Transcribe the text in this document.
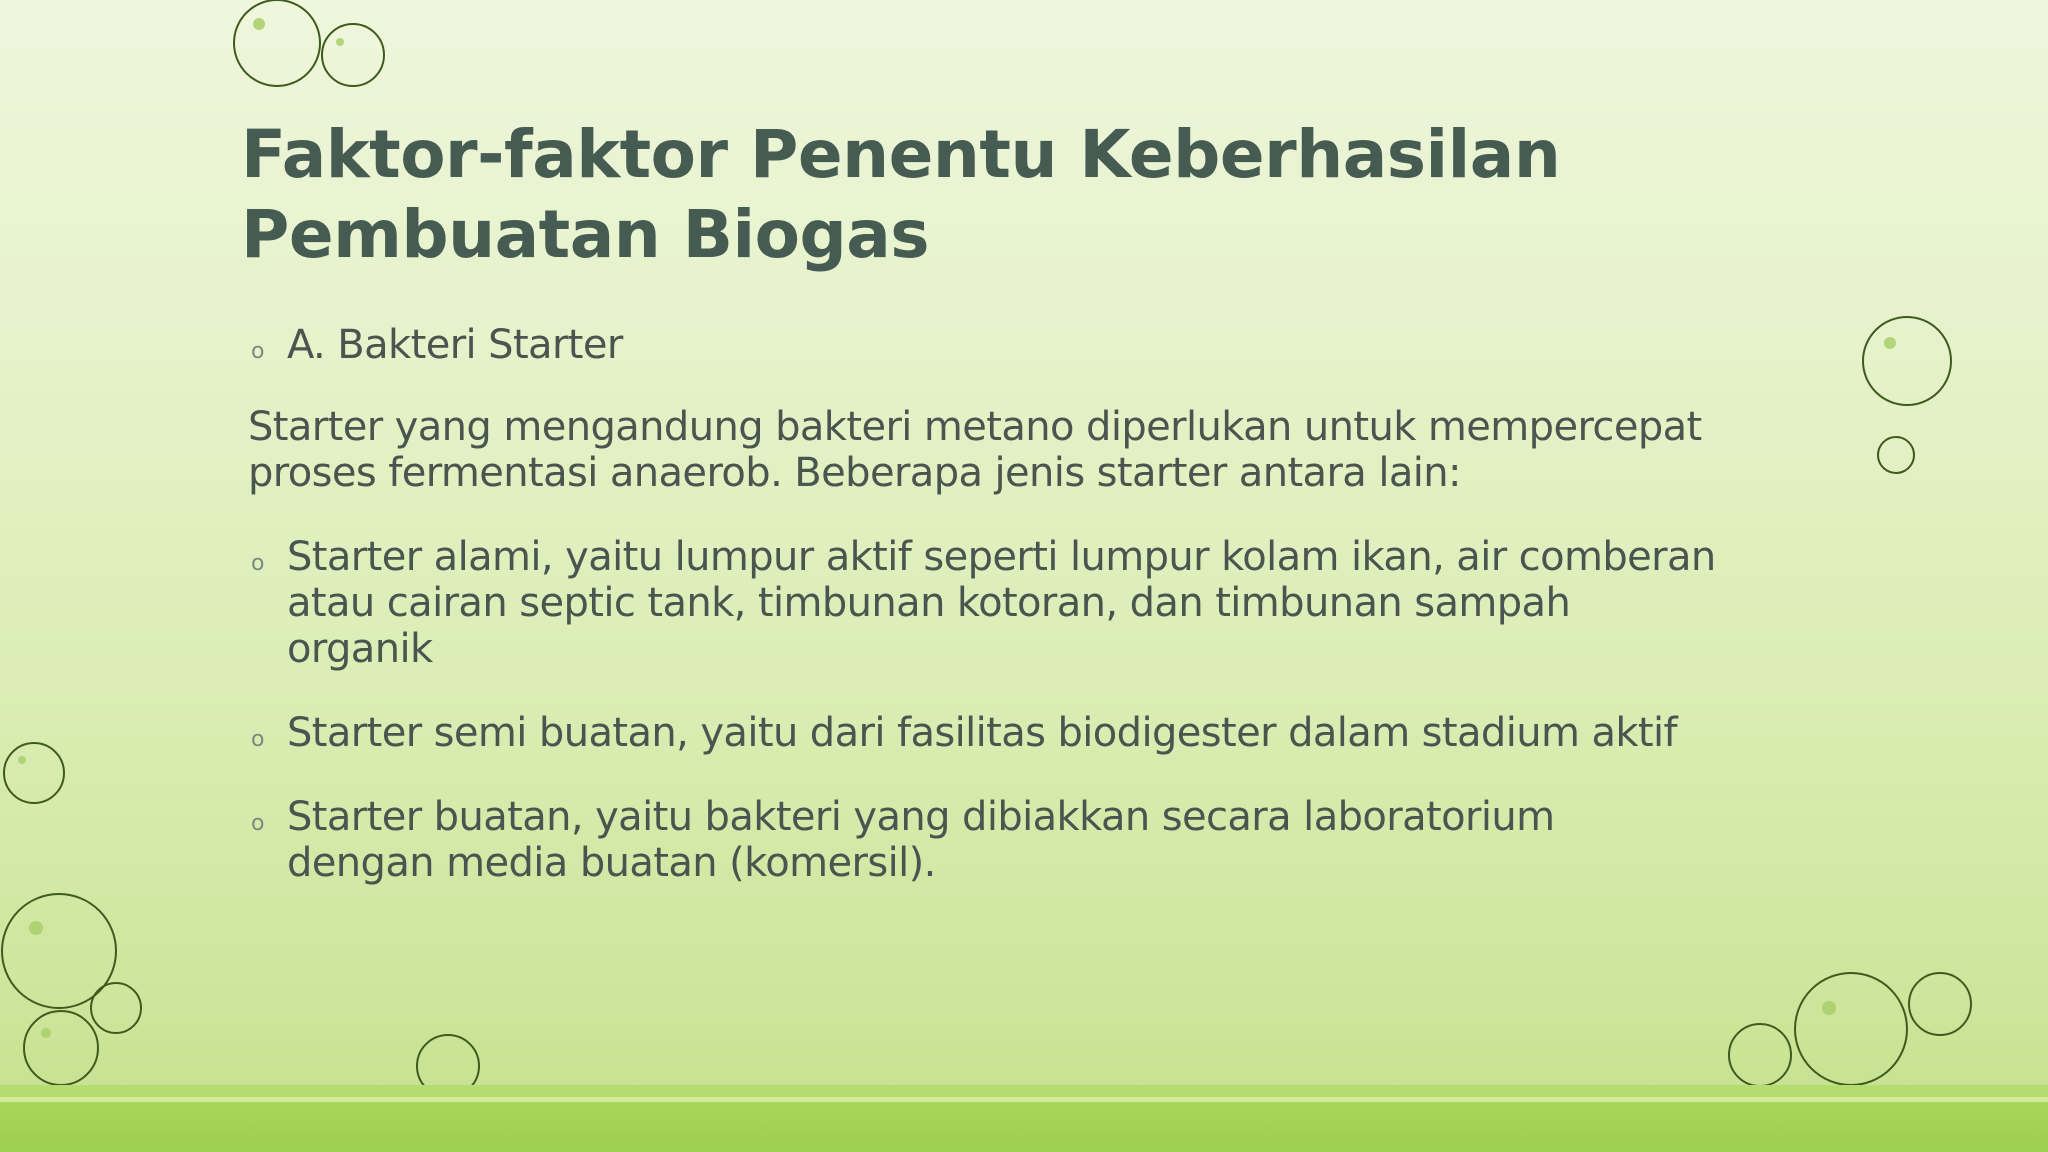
Faktor-faktor Penentu Keberhasilan
Pembuatan Biogas
o A. Bakteri Starter
Starter yang mengandung bakteri metano diperlukan untuk mempercepat
proses fermentasi anaerob. Beberapa jenis starter antara lain:
o Starter alami, yaitu lumpur aktif seperti lumpur kolam ikan, air comberan
atau cairan septic tank, timbunan kotoran, dan timbunan sampah
organik
o Starter semi buatan, yaitu dari fasilitas biodigester dalam stadium aktif
o Starter buatan, yaitu bakteri yang dibiakkan secara laboratorium
dengan media buatan (komersil).
